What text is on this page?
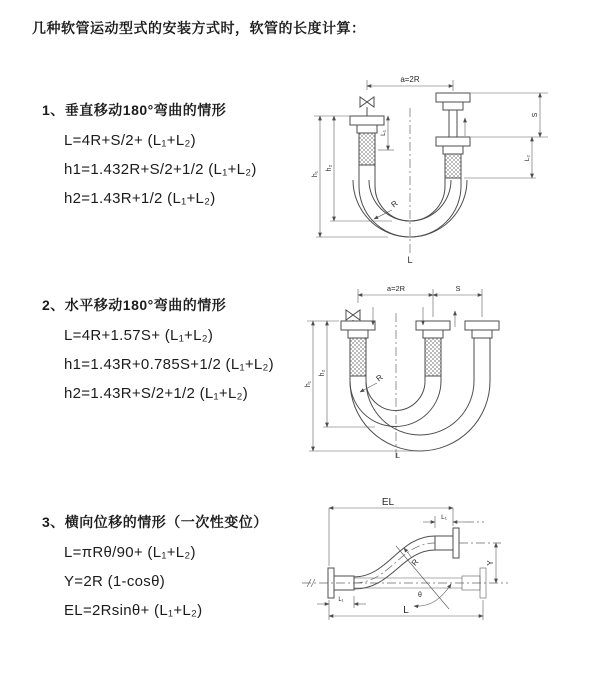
几种软管运动型式的安装方式时，软管的长度计算：
1、垂直移动180°弯曲的情形

L=4R+S/2+ (L₁+L₂)

h1=1.432R+S/2+1/2 (L₁+L₂)

h2=1.43R+1/2 (L₁+L₂)

2、水平移动180°弯曲的情形

L=4R+1.57S+ (L₁+L₂)

h1=1.43R+0.785S+1/2 (L₁+L₂)

h2=1.43R+S/2+1/2 (L₁+L₂)

3、横向位移的情形（一次性变位）

L=πRθ/90+ (L₁+L₂)

Y=2R (1-cosθ)

EL=2Rsinθ+ (L₁+L₂)

a=2R
R
L
h₁
h₂
L₁
S
L₂
a=2R	S
R
L
h₁
h₂
θ
R
EL
L₁
Y
L₁
L
